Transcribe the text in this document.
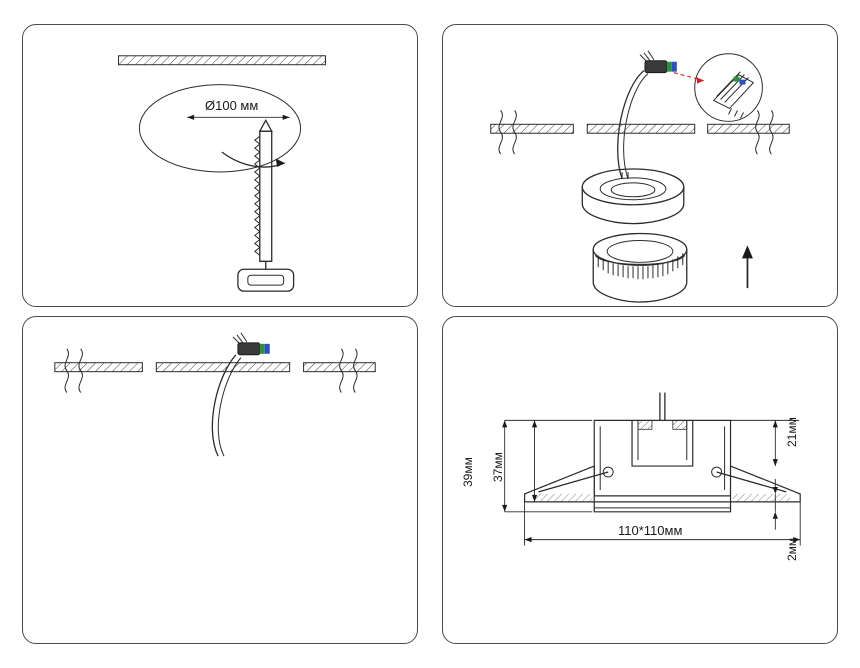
Ø100 мм
39мм 37мм
21мм
2мм
110*110мм
